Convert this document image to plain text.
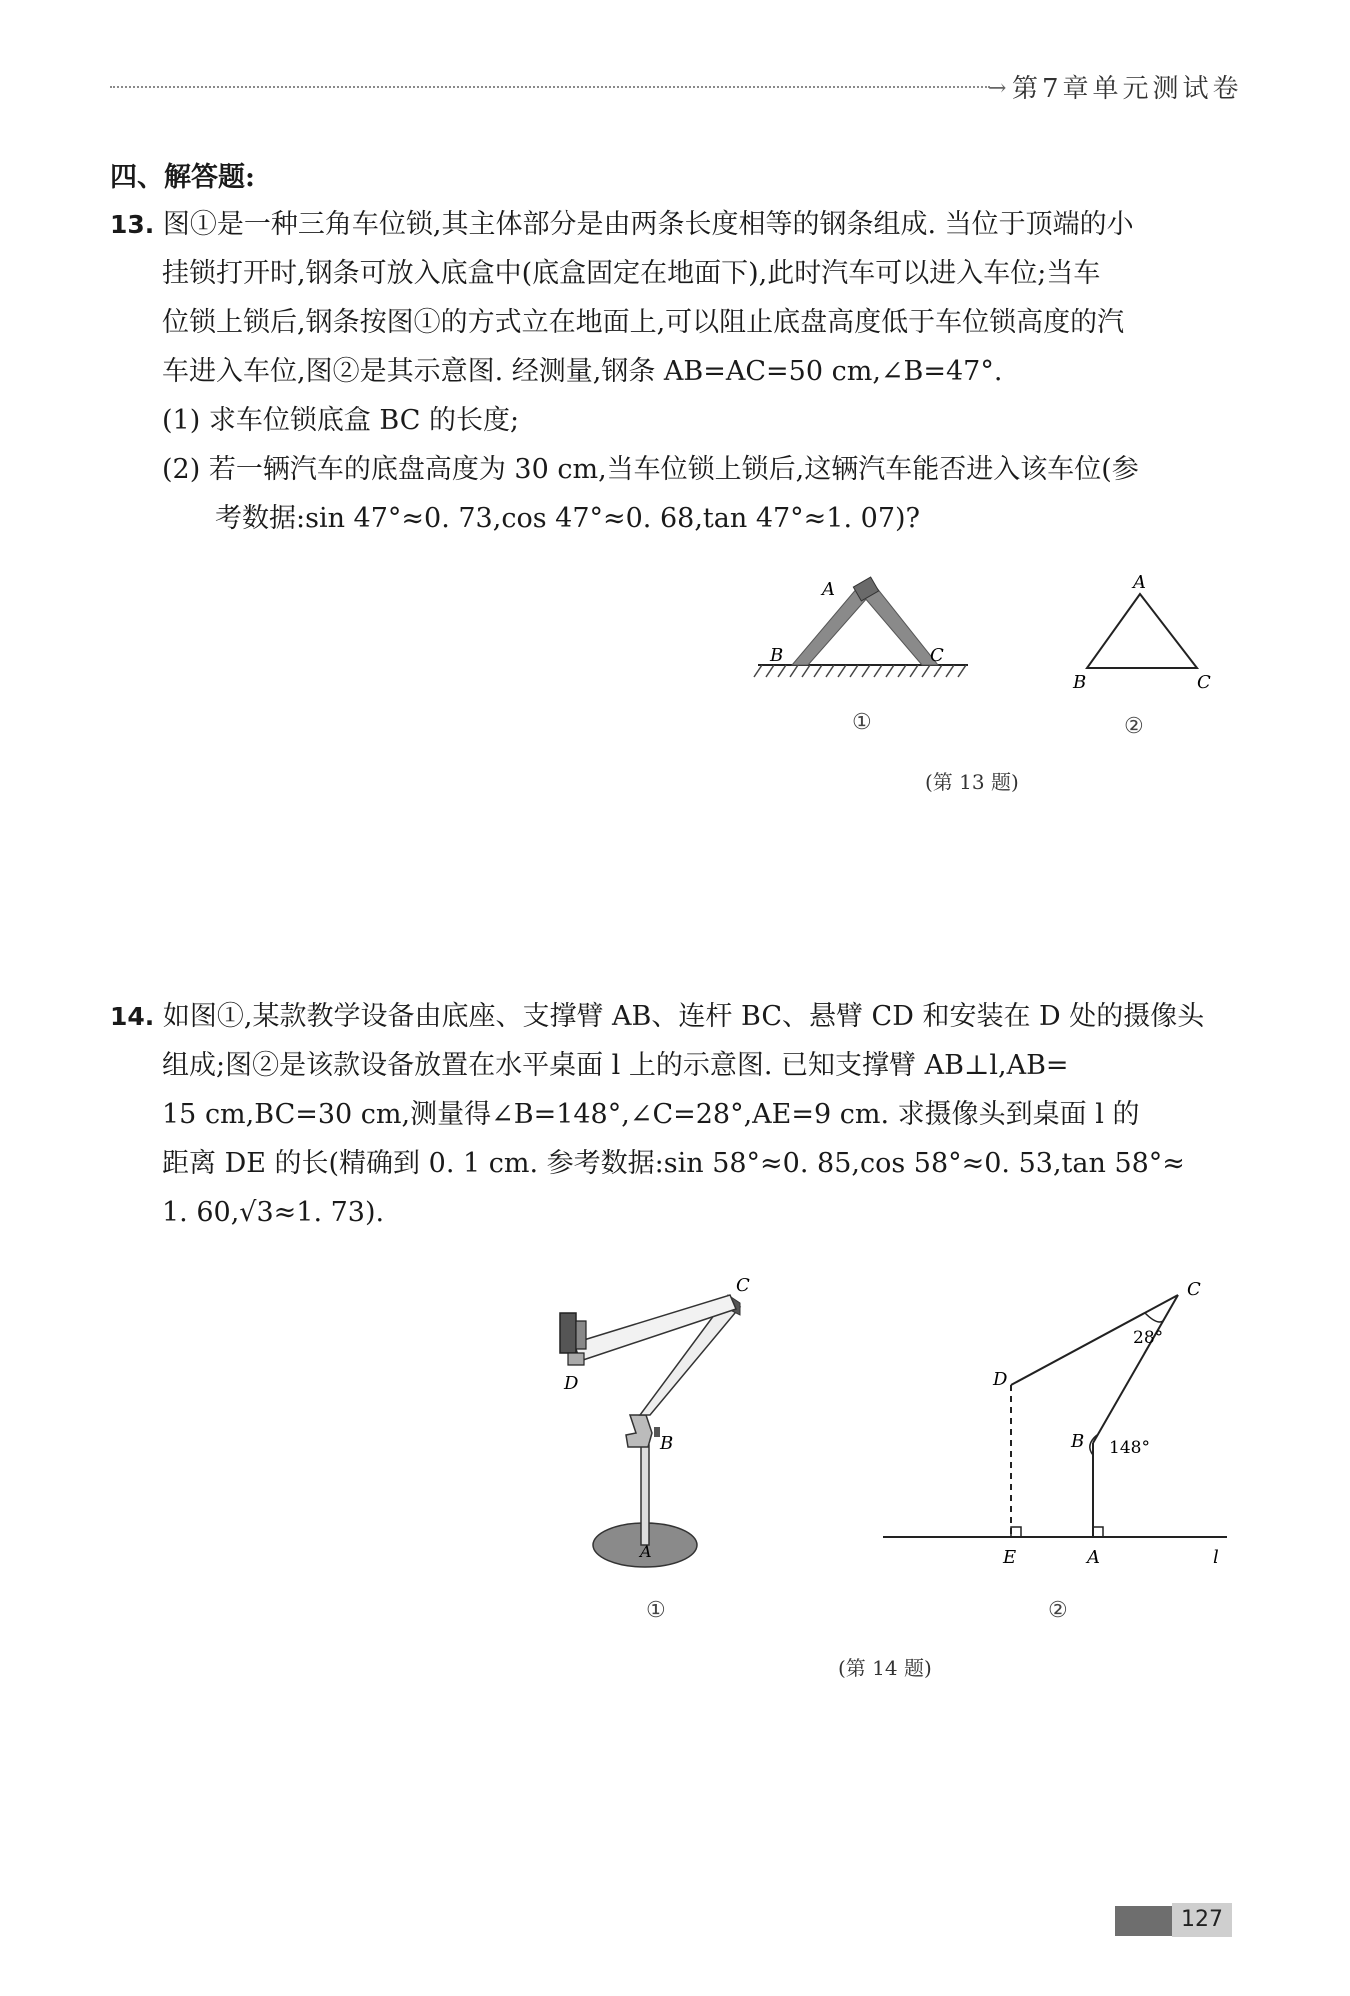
→ 第7章单元测试卷
四、解答题:

13. 图①是一种三角车位锁,其主体部分是由两条长度相等的钢条组成. 当位于顶端的小

挂锁打开时,钢条可放入底盒中(底盒固定在地面下),此时汽车可以进入车位;当车

位锁上锁后,钢条按图①的方式立在地面上,可以阻止底盘高度低于车位锁高度的汽

车进入车位,图②是其示意图. 经测量,钢条 AB=AC=50 cm,∠B=47°.

(1) 求车位锁底盒 BC 的长度;

(2) 若一辆汽车的底盘高度为 30 cm,当车位锁上锁后,这辆汽车能否进入该车位(参

考数据:sin 47°≈0. 73,cos 47°≈0. 68,tan 47°≈1. 07)?

A
B	C
①
A
B	C
②
(第 13 题)

14. 如图①,某款教学设备由底座、支撑臂 AB、连杆 BC、悬臂 CD 和安装在 D 处的摄像头

组成;图②是该款设备放置在水平桌面 l 上的示意图. 已知支撑臂 AB⊥l,AB=

15 cm,BC=30 cm,测量得∠B=148°,∠C=28°,AE=9 cm. 求摄像头到桌面 l 的

距离 DE 的长(精确到 0. 1 cm. 参考数据:sin 58°≈0. 85,cos 58°≈0. 53,tan 58°≈

1. 60,√3≈1. 73).

C
D
B
A
①
C
D
B
E	A	l
28°
148°
②
(第 14 题)
127
